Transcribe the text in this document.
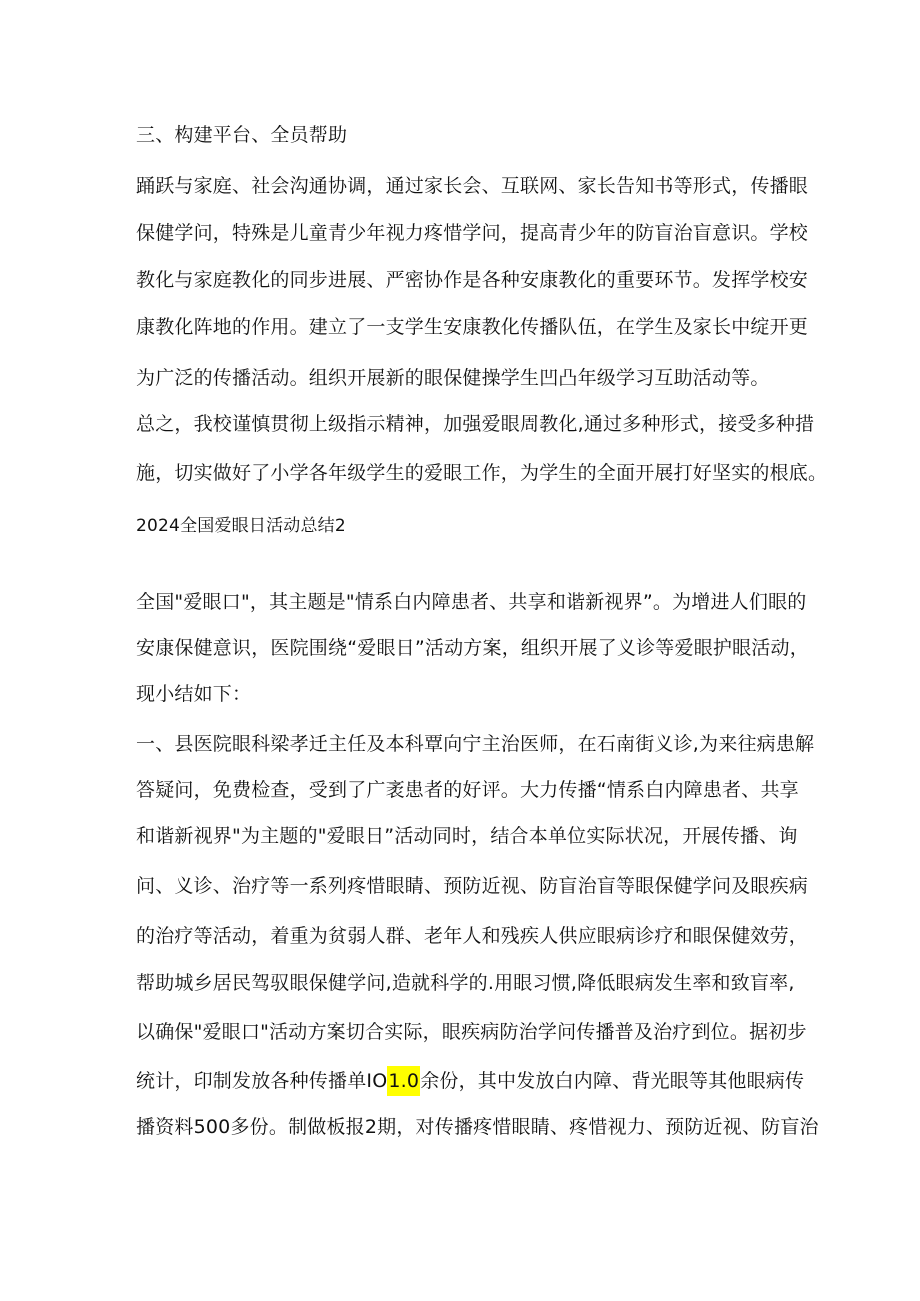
三、构建平台、全员帮助
踊跃与家庭、社会沟通协调，通过家长会、互联网、家长告知书等形式，传播眼
保健学问，特殊是儿童青少年视力疼惜学问，提高青少年的防盲治盲意识。学校
教化与家庭教化的同步进展、严密协作是各种安康教化的重要环节。发挥学校安
康教化阵地的作用。建立了一支学生安康教化传播队伍，在学生及家长中绽开更
为广泛的传播活动。组织开展新的眼保健操学生凹凸年级学习互助活动等。
总之，我校谨慎贯彻上级指示精神，加强爱眼周教化,通过多种形式，接受多种措
施，切实做好了小学各年级学生的爱眼工作，为学生的全面开展打好坚实的根底。
2024全国爱眼日活动总结2
全国"爱眼口"，其主题是"情系白内障患者、共享和谐新视界”。为增进人们眼的
安康保健意识，医院围绕“爱眼日”活动方案，组织开展了义诊等爱眼护眼活动，
现小结如下：
一、县医院眼科梁孝迁主任及本科覃向宁主治医师，在石南街义诊,为来往病患解
答疑问，免费检查，受到了广袤患者的好评。大力传播“情系白内障患者、共享
和谐新视界"为主题的"爱眼日”活动同时，结合本单位实际状况，开展传播、询
问、义诊、治疗等一系列疼惜眼睛、预防近视、防盲治盲等眼保健学问及眼疾病
的治疗等活动，着重为贫弱人群、老年人和残疾人供应眼病诊疗和眼保健效劳，
帮助城乡居民驾驭眼保健学问,造就科学的.用眼习惯,降低眼病发生率和致盲率,
以确保"爱眼口"活动方案切合实际，眼疾病防治学问传播普及治疗到位。据初步
统计，印制发放各种传播单IO1.0余份，其中发放白内障、背光眼等其他眼病传
播资料500多份。制做板报2期，对传播疼惜眼睛、疼惜视力、预防近视、防盲治
